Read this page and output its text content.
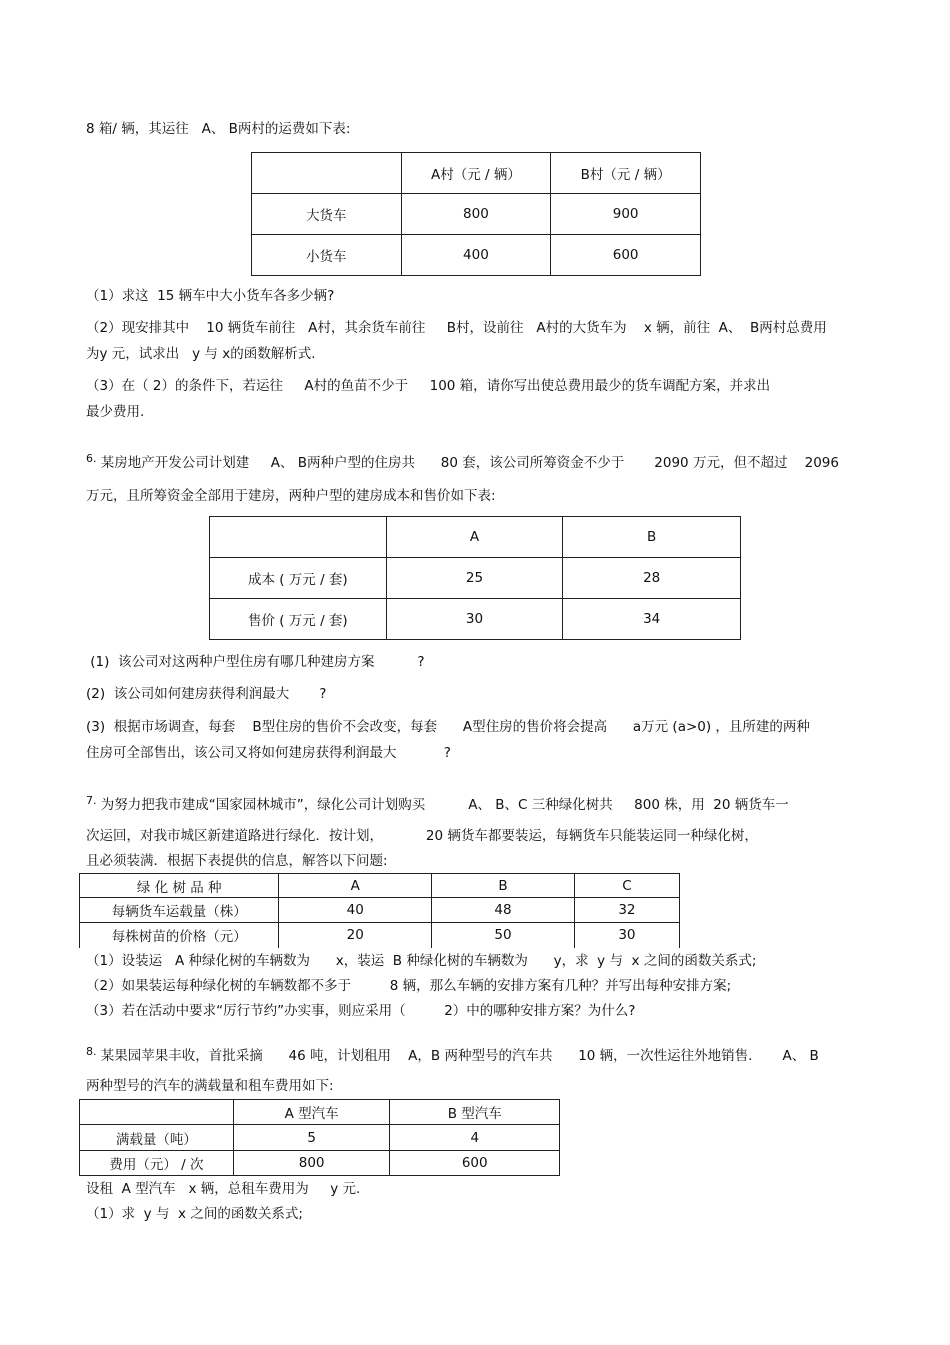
8 箱/ 辆，其运往   A、 B两村的运费如下表:
	A村（元 / 辆）	B村（元 / 辆）
大货车	800	900
小货车	400	600
（1）求这  15 辆车中大小货车各多少辆?
（2）现安排其中    10 辆货车前往   A村，其余货车前往     B村，设前往   A村的大货车为    x 辆，前往  A、  B两村总费用
为y 元，试求出   y 与 x的函数解析式.
（3）在（ 2）的条件下，若运往     A村的鱼苗不少于     100 箱，请你写出使总费用最少的货车调配方案，并求出
最少费用.
$^{6.}$ 某房地产开发公司计划建     A、 B两种户型的住房共      80 套，该公司所筹资金不少于       2090 万元，但不超过    2096
万元，且所筹资金全部用于建房，两种户型的建房成本和售价如下表:
	A	B
成本 ( 万元 / 套)	25	28
售价 ( 万元 / 套)	30	34
(1)  该公司对这两种户型住房有哪几种建房方案          ?
(2)  该公司如何建房获得利润最大       ?
(3)  根据市场调查，每套    B型住房的售价不会改变，每套      A型住房的售价将会提高      a万元 (a>0) ，且所建的两种
住房可全部售出，该公司又将如何建房获得利润最大           ?
$^{7.}$ 为努力把我市建成“国家园林城市”，绿化公司计划购买          A、 B、C 三种绿化树共     800 株，用  20 辆货车一
次运回，对我市城区新建道路进行绿化．按计划，          20 辆货车都要装运，每辆货车只能装运同一种绿化树，
且必须装满．根据下表提供的信息，解答以下问题:
绿 化 树 品 种	A	B	C
每辆货车运载量（株）	40	48	32
每株树苗的价格（元）	20	50	30
（1）设装运   A 种绿化树的车辆数为      x，装运  B 种绿化树的车辆数为      y，求  y 与  x 之间的函数关系式;
（2）如果装运每种绿化树的车辆数都不多于         8 辆，那么车辆的安排方案有几种？并写出每种安排方案;
（3）若在活动中要求“厉行节约”办实事，则应采用（         2）中的哪种安排方案？为什么?
$^{8.}$ 某果园苹果丰收，首批采摘      46 吨，计划租用    A，B 两种型号的汽车共      10 辆，一次性运往外地销售.       A、 B
两种型号的汽车的满载量和租车费用如下:
	A 型汽车	B 型汽车
满载量（吨）	5	4
费用（元） / 次	800	600
设租  A 型汽车   x 辆，总租车费用为     y 元.
（1）求  y 与  x 之间的函数关系式;
